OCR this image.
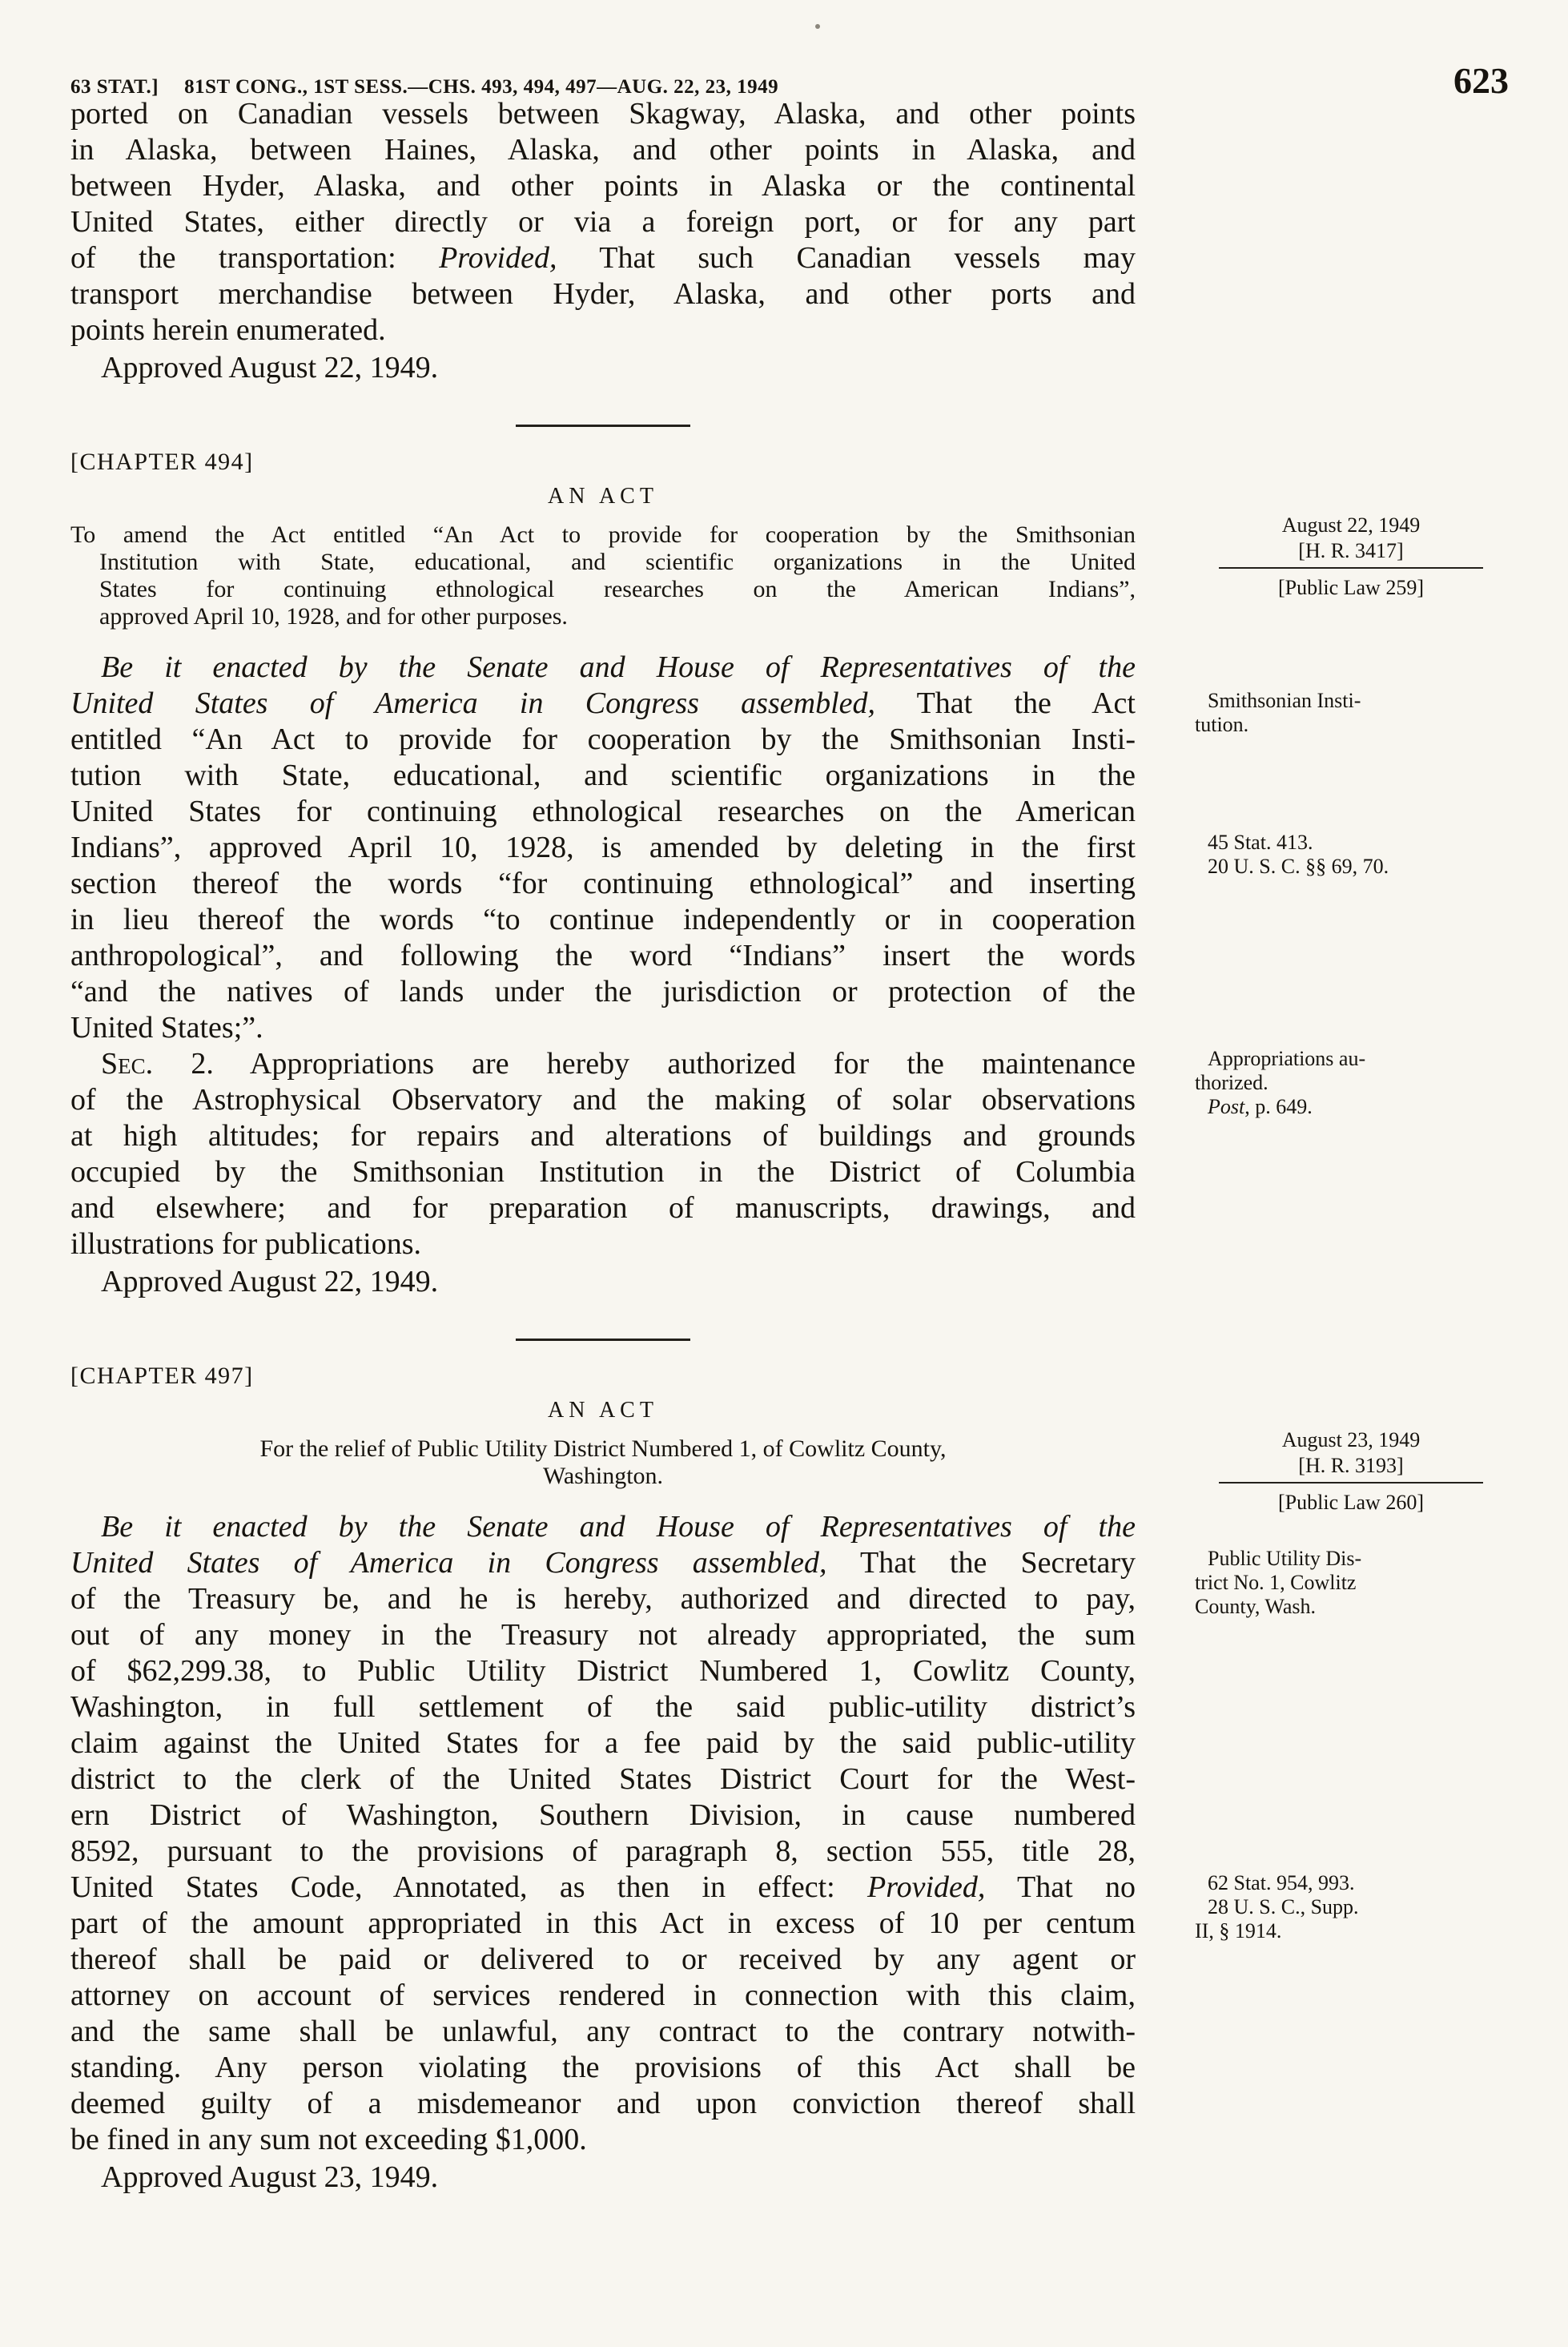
63 STAT.] 81ST CONG., 1ST SESS.—CHS. 493, 494, 497—AUG. 22, 23, 1949	623
ported on Canadian vessels between Skagway, Alaska, and other points
in Alaska, between Haines, Alaska, and other points in Alaska, and
between Hyder, Alaska, and other points in Alaska or the continental
United States, either directly or via a foreign port, or for any part
of the transportation: Provided, That such Canadian vessels may
transport merchandise between Hyder, Alaska, and other ports and
points herein enumerated.
Approved August 22, 1949.
[CHAPTER 494]
AN ACT
To amend the Act entitled “An Act to provide for cooperation by the Smithsonian
Institution with State, educational, and scientific organizations in the United
States for continuing ethnological researches on the American Indians”,
approved April 10, 1928, and for other purposes.
Be it enacted by the Senate and House of Representatives of the
United States of America in Congress assembled, That the Act
entitled “An Act to provide for cooperation by the Smithsonian Insti-
tution with State, educational, and scientific organizations in the
United States for continuing ethnological researches on the American
Indians”, approved April 10, 1928, is amended by deleting in the first
section thereof the words “for continuing ethnological” and inserting
in lieu thereof the words “to continue independently or in cooperation
anthropological”, and following the word “Indians” insert the words
“and the natives of lands under the jurisdiction or protection of the
United States;”.
Sec. 2. Appropriations are hereby authorized for the maintenance
of the Astrophysical Observatory and the making of solar observations
at high altitudes; for repairs and alterations of buildings and grounds
occupied by the Smithsonian Institution in the District of Columbia
and elsewhere; and for preparation of manuscripts, drawings, and
illustrations for publications.
Approved August 22, 1949.
[CHAPTER 497]
AN ACT
For the relief of Public Utility District Numbered 1, of Cowlitz County,
Washington.
Be it enacted by the Senate and House of Representatives of the
United States of America in Congress assembled, That the Secretary
of the Treasury be, and he is hereby, authorized and directed to pay,
out of any money in the Treasury not already appropriated, the sum
of $62,299.38, to Public Utility District Numbered 1, Cowlitz County,
Washington, in full settlement of the said public-utility district’s
claim against the United States for a fee paid by the said public-utility
district to the clerk of the United States District Court for the West-
ern District of Washington, Southern Division, in cause numbered
8592, pursuant to the provisions of paragraph 8, section 555, title 28,
United States Code, Annotated, as then in effect: Provided, That no
part of the amount appropriated in this Act in excess of 10 per centum
thereof shall be paid or delivered to or received by any agent or
attorney on account of services rendered in connection with this claim,
and the same shall be unlawful, any contract to the contrary notwith-
standing. Any person violating the provisions of this Act shall be
deemed guilty of a misdemeanor and upon conviction thereof shall
be fined in any sum not exceeding $1,000.
Approved August 23, 1949.
August 22, 1949
[H. R. 3417]
[Public Law 259]
Smithsonian Insti-
tution.
45 Stat. 413.
20 U. S. C. §§ 69, 70.
Appropriations au-
thorized.
Post, p. 649.
August 23, 1949
[H. R. 3193]
[Public Law 260]
Public Utility Dis-
trict No. 1, Cowlitz
County, Wash.
62 Stat. 954, 993.
28 U. S. C., Supp.
II, § 1914.
